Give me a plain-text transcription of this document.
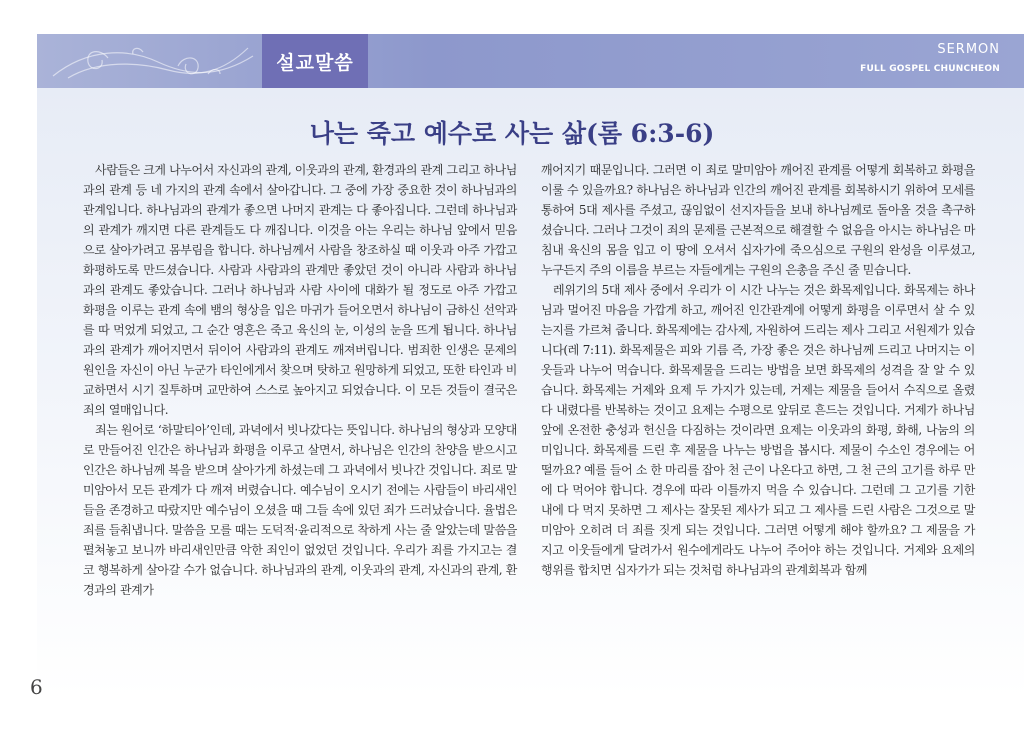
설교말씀
SERMON
FULL GOSPEL CHUNCHEON
나는 죽고 예수로 사는 삶(롬 6:3-6)

사람들은 크게 나누어서 자신과의 관계, 이웃과의 관계, 환경과의 관계 그리고 하나님과의 관계 등 네 가지의 관계 속에서 살아갑니다. 그 중에 가장 중요한 것이 하나님과의 관계입니다. 하나님과의 관계가 좋으면 나머지 관계는 다 좋아집니다. 그런데 하나님과의 관계가 깨지면 다른 관계들도 다 깨집니다. 이것을 아는 우리는 하나님 앞에서 믿음으로 살아가려고 몸부림을 합니다. 하나님께서 사람을 창조하실 때 이웃과 아주 가깝고 화평하도록 만드셨습니다. 사람과 사람과의 관계만 좋았던 것이 아니라 사람과 하나님과의 관계도 좋았습니다. 그러나 하나님과 사람 사이에 대화가 될 정도로 아주 가깝고 화평을 이루는 관계 속에 뱀의 형상을 입은 마귀가 들어오면서 하나님이 금하신 선악과를 따 먹었게 되었고, 그 순간 영혼은 죽고 육신의 눈, 이성의 눈을 뜨게 됩니다. 하나님과의 관계가 깨어지면서 뒤이어 사람과의 관계도 깨져버립니다. 범죄한 인생은 문제의 원인을 자신이 아닌 누군가 타인에게서 찾으며 탓하고 원망하게 되었고, 또한 타인과 비교하면서 시기 질투하며 교만하여 스스로 높아지고 되었습니다. 이 모든 것들이 결국은 죄의 열매입니다.

죄는 원어로 ‘하말티아’인데, 과녁에서 빗나갔다는 뜻입니다. 하나님의 형상과 모양대로 만들어진 인간은 하나님과 화평을 이루고 살면서, 하나님은 인간의 찬양을 받으시고 인간은 하나님께 복을 받으며 살아가게 하셨는데 그 과녁에서 빗나간 것입니다. 죄로 말미암아서 모든 관계가 다 깨져 버렸습니다. 예수님이 오시기 전에는 사람들이 바리새인들을 존경하고 따랐지만 예수님이 오셨을 때 그들 속에 있던 죄가 드러났습니다. 율법은 죄를 들춰냅니다. 말씀을 모를 때는 도덕적·윤리적으로 착하게 사는 줄 알았는데 말씀을 펼쳐놓고 보니까 바리새인만큼 악한 죄인이 없었던 것입니다. 우리가 죄를 가지고는 결코 행복하게 살아갈 수가 없습니다. 하나님과의 관계, 이웃과의 관계, 자신과의 관계, 환경과의 관계가

깨어지기 때문입니다. 그러면 이 죄로 말미암아 깨어진 관계를 어떻게 회복하고 화평을 이룰 수 있을까요? 하나님은 하나님과 인간의 깨어진 관계를 회복하시기 위하여 모세를 통하여 5대 제사를 주셨고, 끊임없이 선지자들을 보내 하나님께로 돌아올 것을 촉구하셨습니다. 그러나 그것이 죄의 문제를 근본적으로 해결할 수 없음을 아시는 하나님은 마침내 육신의 몸을 입고 이 땅에 오셔서 십자가에 죽으심으로 구원의 완성을 이루셨고, 누구든지 주의 이름을 부르는 자들에게는 구원의 은총을 주신 줄 믿습니다.

레위기의 5대 제사 중에서 우리가 이 시간 나누는 것은 화목제입니다. 화목제는 하나님과 멀어진 마음을 가깝게 하고, 깨어진 인간관계에 어떻게 화평을 이루면서 살 수 있는지를 가르쳐 줍니다. 화목제에는 감사제, 자원하여 드리는 제사 그리고 서원제가 있습니다(레 7:11). 화목제물은 피와 기름 즉, 가장 좋은 것은 하나님께 드리고 나머지는 이웃들과 나누어 먹습니다. 화목제물을 드리는 방법을 보면 화목제의 성격을 잘 알 수 있습니다. 화목제는 거제와 요제 두 가지가 있는데, 거제는 제물을 들어서 수직으로 올렸다 내렸다를 반복하는 것이고 요제는 수평으로 앞뒤로 흔드는 것입니다. 거제가 하나님 앞에 온전한 충성과 헌신을 다짐하는 것이라면 요제는 이웃과의 화평, 화해, 나눔의 의미입니다. 화목제를 드린 후 제물을 나누는 방법을 봅시다. 제물이 수소인 경우에는 어떨까요? 예를 들어 소 한 마리를 잡아 천 근이 나온다고 하면, 그 천 근의 고기를 하루 만에 다 먹어야 합니다. 경우에 따라 이틀까지 먹을 수 있습니다. 그런데 그 고기를 기한 내에 다 먹지 못하면 그 제사는 잘못된 제사가 되고 그 제사를 드린 사람은 그것으로 말미암아 오히려 더 죄를 짓게 되는 것입니다. 그러면 어떻게 해야 할까요? 그 제물을 가지고 이웃들에게 달려가서 원수에게라도 나누어 주어야 하는 것입니다. 거제와 요제의 행위를 합치면 십자가가 되는 것처럼 하나님과의 관계회복과 함께

6
